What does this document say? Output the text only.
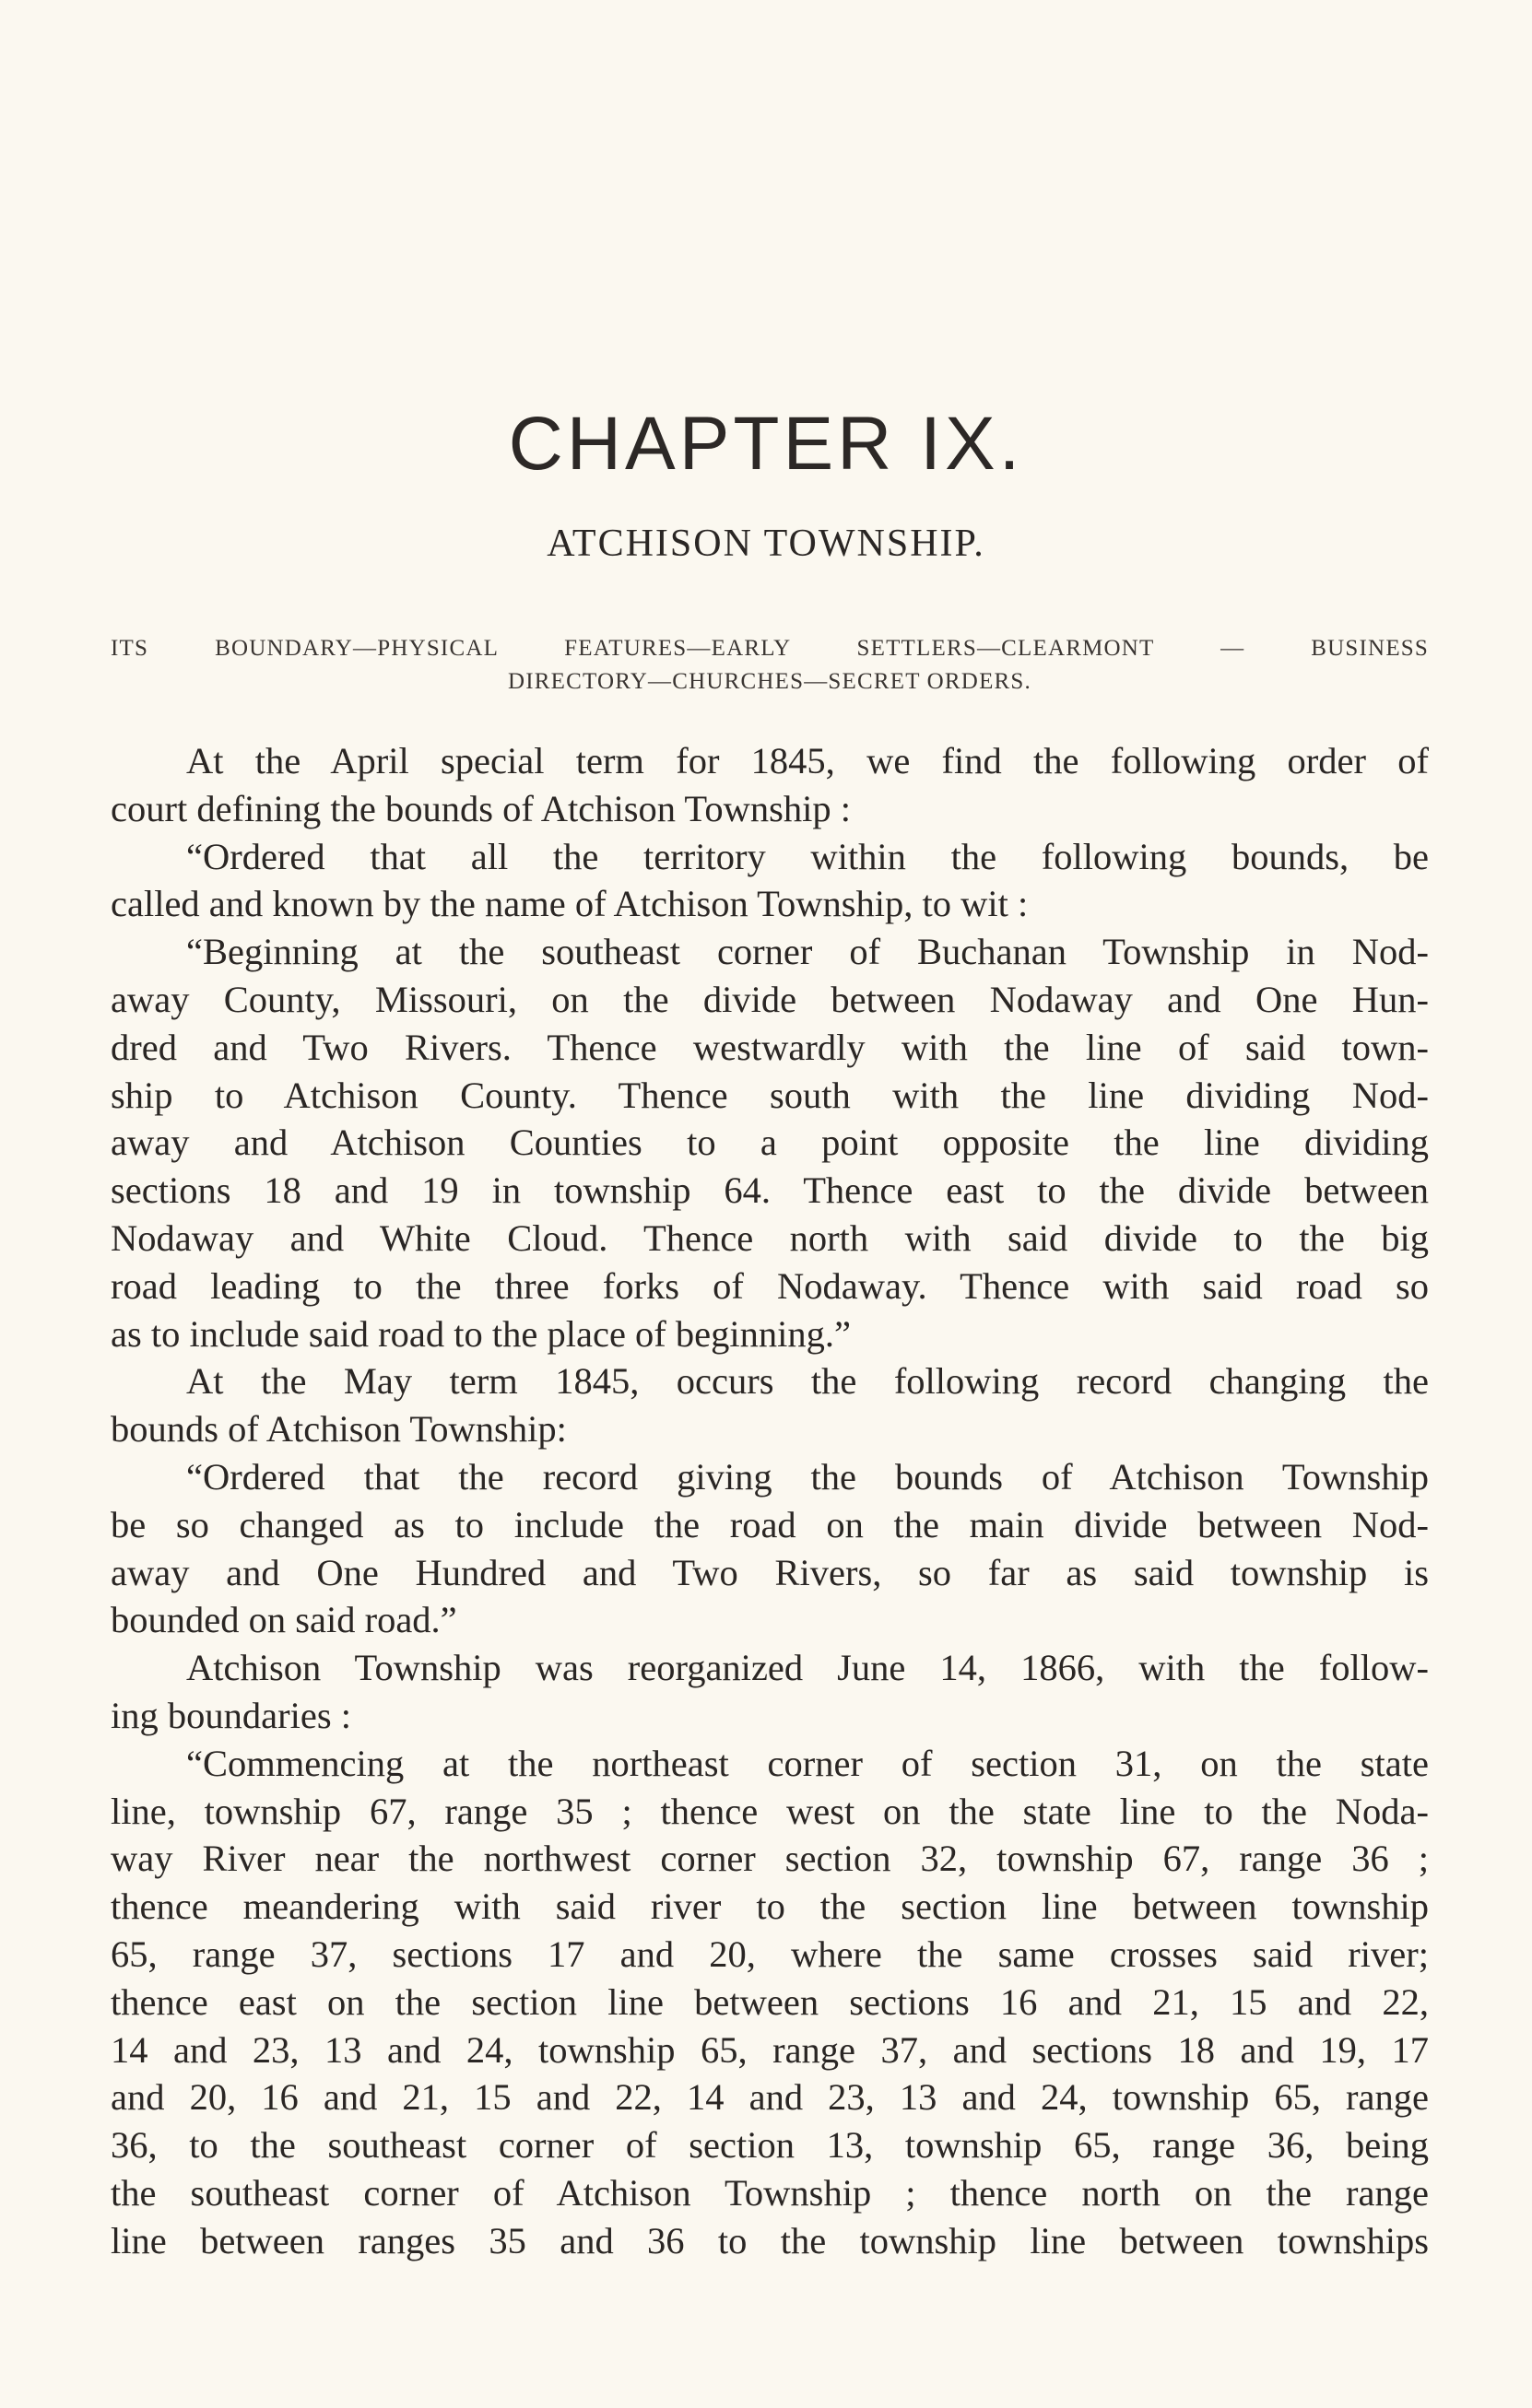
CHAPTER IX.
ATCHISON TOWNSHIP.
ITS BOUNDARY—PHYSICAL FEATURES—EARLY SETTLERS—CLEARMONT — BUSINESS
DIRECTORY—CHURCHES—SECRET ORDERS.
At the April special term for 1845, we find the following order of
court defining the bounds of Atchison Township :
“Ordered that all the territory within the following bounds, be
called and known by the name of Atchison Township, to wit :
“Beginning at the southeast corner of Buchanan Township in Nod-
away County, Missouri, on the divide between Nodaway and One Hun-
dred and Two Rivers. Thence westwardly with the line of said town-
ship to Atchison County. Thence south with the line dividing Nod-
away and Atchison Counties to a point opposite the line dividing
sections 18 and 19 in township 64. Thence east to the divide between
Nodaway and White Cloud. Thence north with said divide to the big
road leading to the three forks of Nodaway. Thence with said road so
as to include said road to the place of beginning.”
At the May term 1845, occurs the following record changing the
bounds of Atchison Township:
“Ordered that the record giving the bounds of Atchison Township
be so changed as to include the road on the main divide between Nod-
away and One Hundred and Two Rivers, so far as said township is
bounded on said road.”
Atchison Township was reorganized June 14, 1866, with the follow-
ing boundaries :
“Commencing at the northeast corner of section 31, on the state
line, township 67, range 35 ; thence west on the state line to the Noda-
way River near the northwest corner section 32, township 67, range 36 ;
thence meandering with said river to the section line between township
65, range 37, sections 17 and 20, where the same crosses said river;
thence east on the section line between sections 16 and 21, 15 and 22,
14 and 23, 13 and 24, township 65, range 37, and sections 18 and 19, 17
and 20, 16 and 21, 15 and 22, 14 and 23, 13 and 24, township 65, range
36, to the southeast corner of section 13, township 65, range 36, being
the southeast corner of Atchison Township ; thence north on the range
line between ranges 35 and 36 to the township line between townships
